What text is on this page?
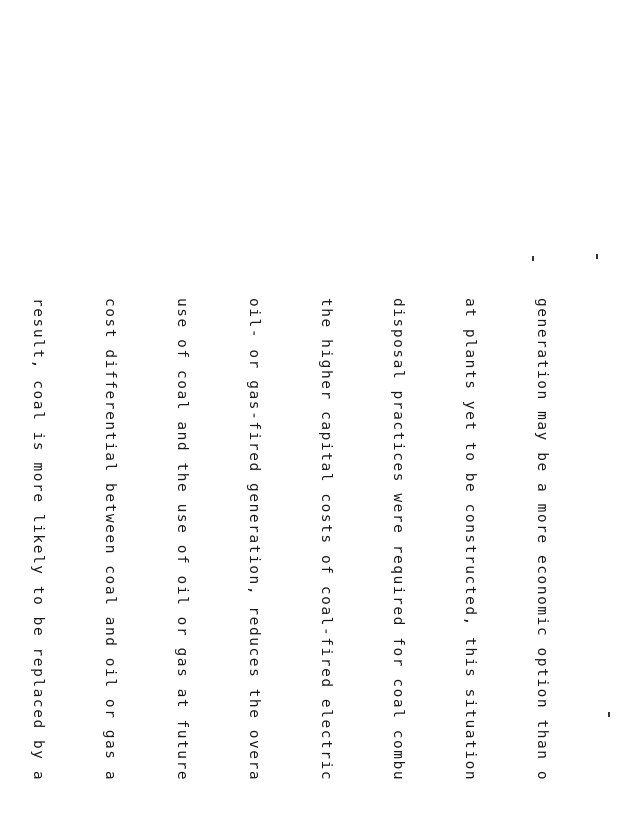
generation may be a more economic option than o

at plants yet to be constructed, this situation

disposal practices were required for coal combu

the higher capital costs of coal-fired electric

oil- or gas-fired generation, reduces the overa

use of coal and the use of oil or gas at future

cost differential between coal and oil or gas a

result, coal is more likely to be replaced by a
